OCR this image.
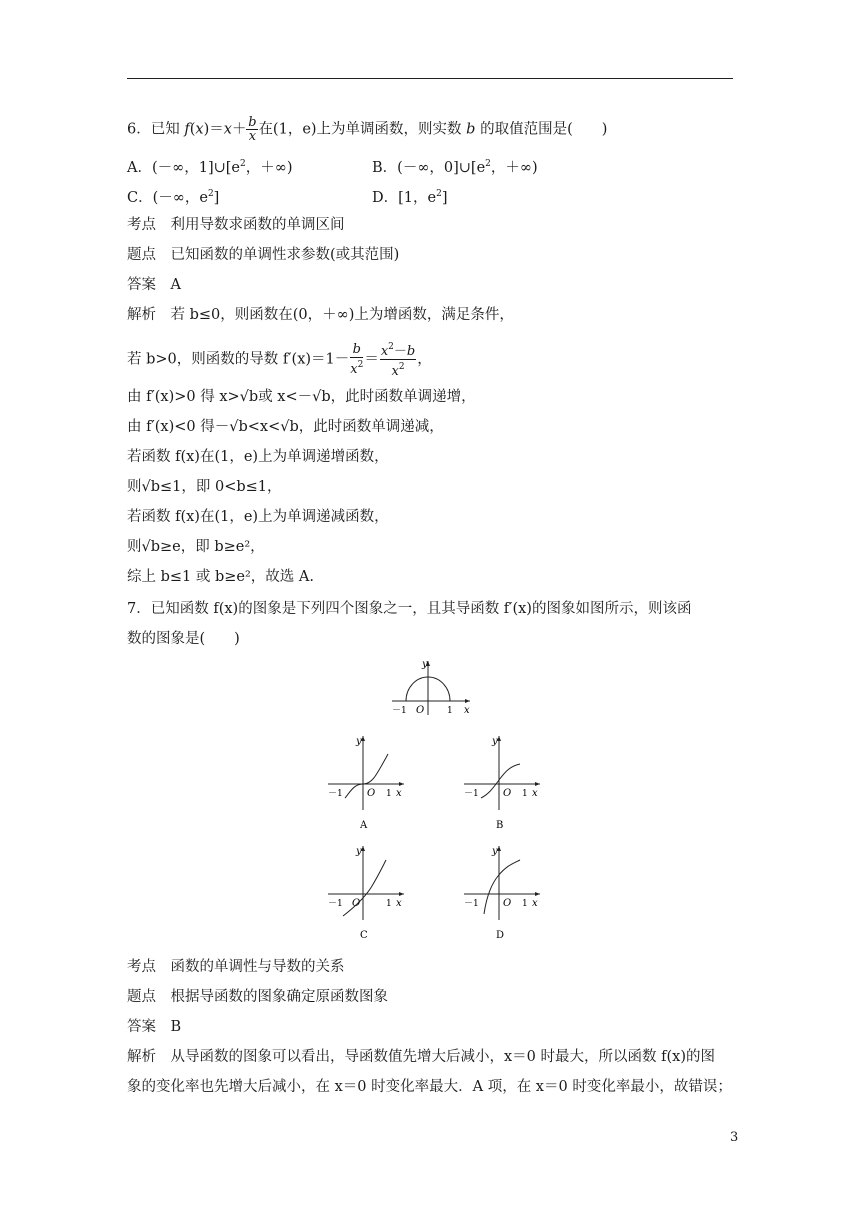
6．已知 $f(x)=x+ \frac{b}{x}$ 在(1，e)上为单调函数，则实数 b 的取值范围是(　　)
A．(－∞，$1]\cup[e^2$，＋∞)	B．(－∞，$0]\cup[e^2$，＋∞)
C．(－∞，$e^2$]	D．[1，$e^2$]
考点　 利用导数求函数的单调区间
题点　 已知函数的单调性求参数(或其范围)
答案　 A
解析　 若 b≤0，则函数在(0，＋∞)上为增函数，满足条件，
若 b>0，则函数的导数 $f'(x)=1- \frac{b}{x^2} = \frac{x^2-b}{x^2}$ ，
由 f′(x)>0 得 x>√b或 x<－√b，此时函数单调递增，
由 f′(x)<0 得－√b<x<√b，此时函数单调递减，
若函数 f(x)在(1，e)上为单调递增函数，
则√b≤1，即 0<b≤1，
若函数 f(x)在(1，e)上为单调递减函数，
则√b≥e，即 b≥e²，
综上 b≤1 或 b≥e²，故选 A.
7．已知函数 f(x)的图象是下列四个图象之一，且其导函数 f′(x)的图象如图所示，则该函
数的图象是(　　)
y
x
O
－1	1
y
O
－1	1 x
A
y
O
－1	1 x
B
y
O
－1	1 x
C
y
O
－1	1 x
D
考点　 函数的单调性与导数的关系
题点　 根据导函数的图象确定原函数图象
答案　 B
解析　 从导函数的图象可以看出，导函数值先增大后减小，x＝0 时最大，所以函数 f(x)的图
象的变化率也先增大后减小，在 x＝0 时变化率最大．A 项，在 x＝0 时变化率最小，故错误；
3
